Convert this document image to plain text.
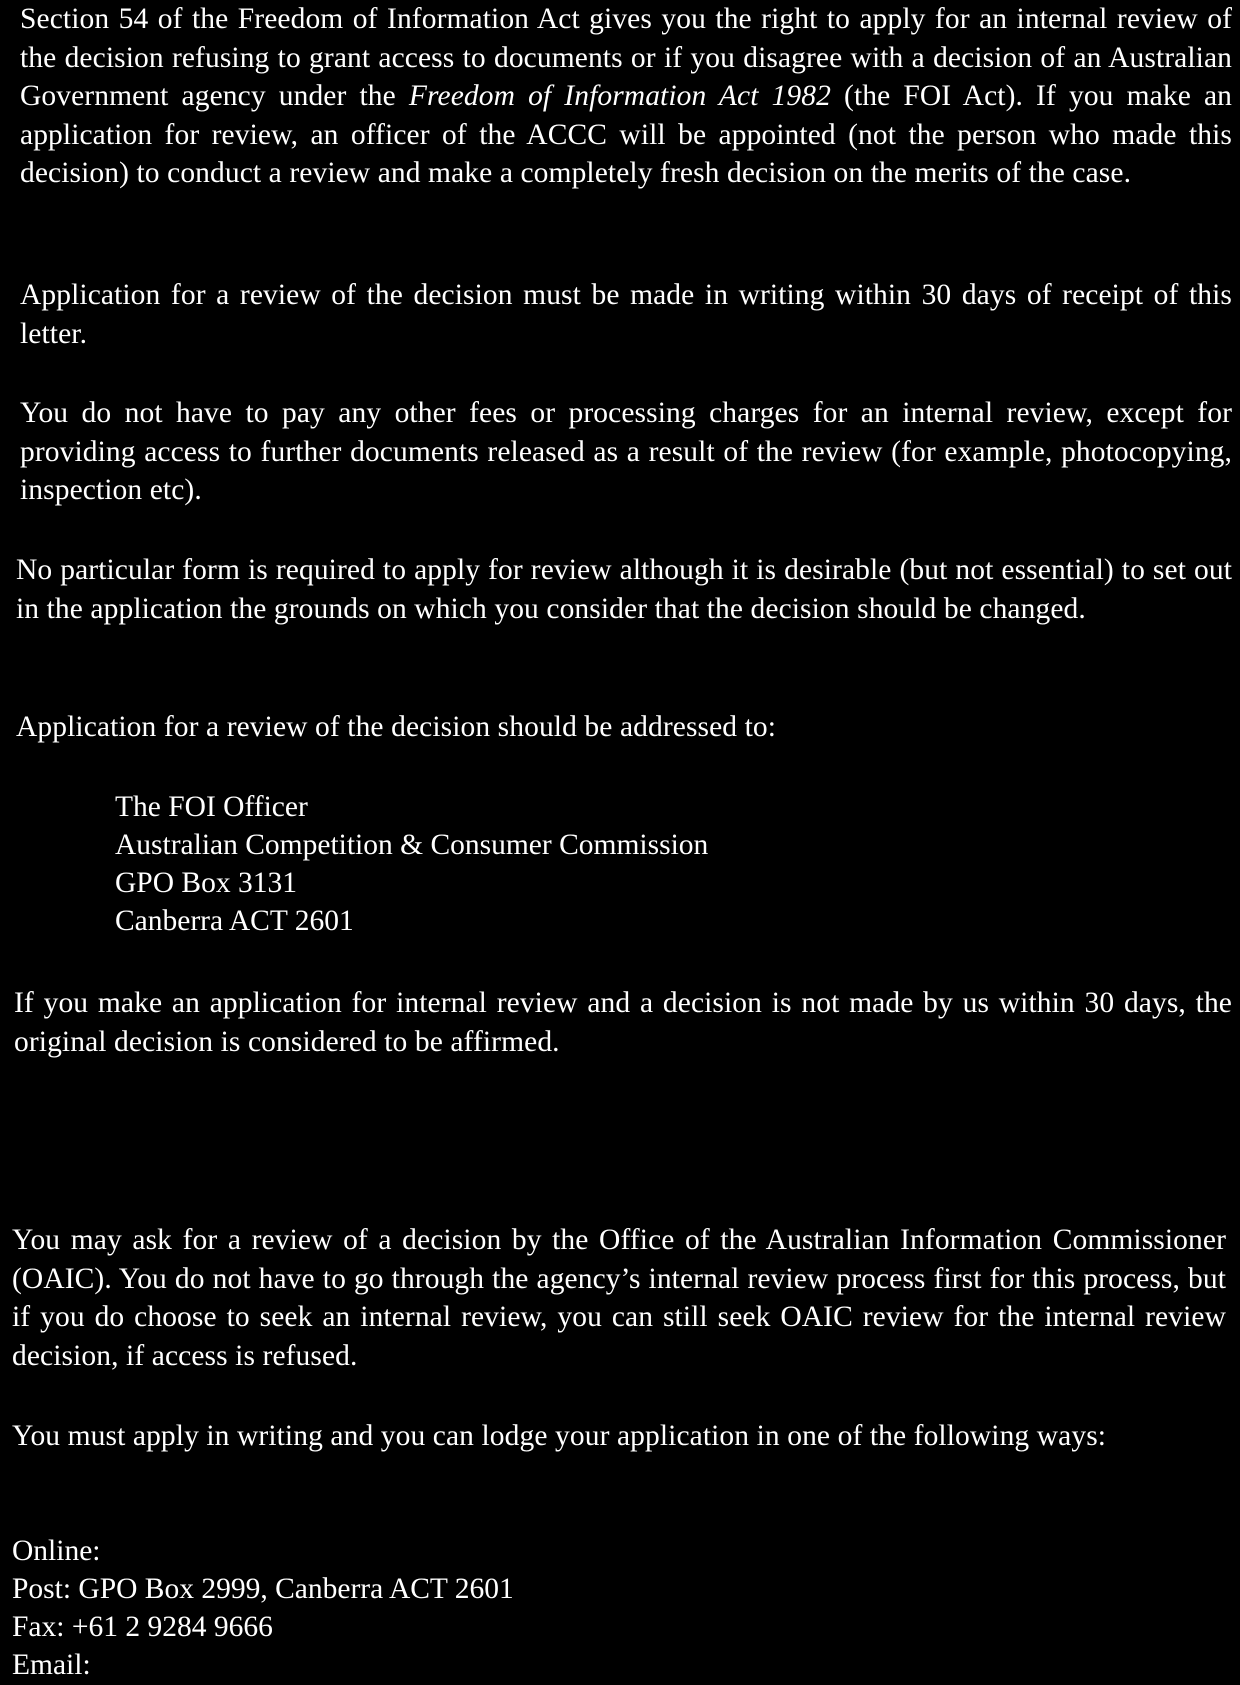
Section 54 of the Freedom of Information Act gives you the right to apply for an internal review of the decision refusing to grant access to documents or if you disagree with a decision of an Australian Government agency under the Freedom of Information Act 1982 (the FOI Act). If you make an application for review, an officer of the ACCC will be appointed (not the person who made this decision) to conduct a review and make a completely fresh decision on the merits of the case.

Application for a review of the decision must be made in writing within 30 days of receipt of this letter.

You do not have to pay any other fees or processing charges for an internal review, except for providing access to further documents released as a result of the review (for example, photocopying, inspection etc).

No particular form is required to apply for review although it is desirable (but not essential) to set out in the application the grounds on which you consider that the decision should be changed.

Application for a review of the decision should be addressed to:

The FOI Officer
Australian Competition & Consumer Commission
GPO Box 3131
Canberra ACT 2601

If you make an application for internal review and a decision is not made by us within 30 days, the original decision is considered to be affirmed.

You may ask for a review of a decision by the Office of the Australian Information Commissioner (OAIC). You do not have to go through the agency’s internal review process first for this process, but if you do choose to seek an internal review, you can still seek OAIC review for the internal review decision, if access is refused.

You must apply in writing and you can lodge your application in one of the following ways:

Online:
Post: GPO Box 2999, Canberra ACT 2601
Fax: +61 2 9284 9666
Email:
